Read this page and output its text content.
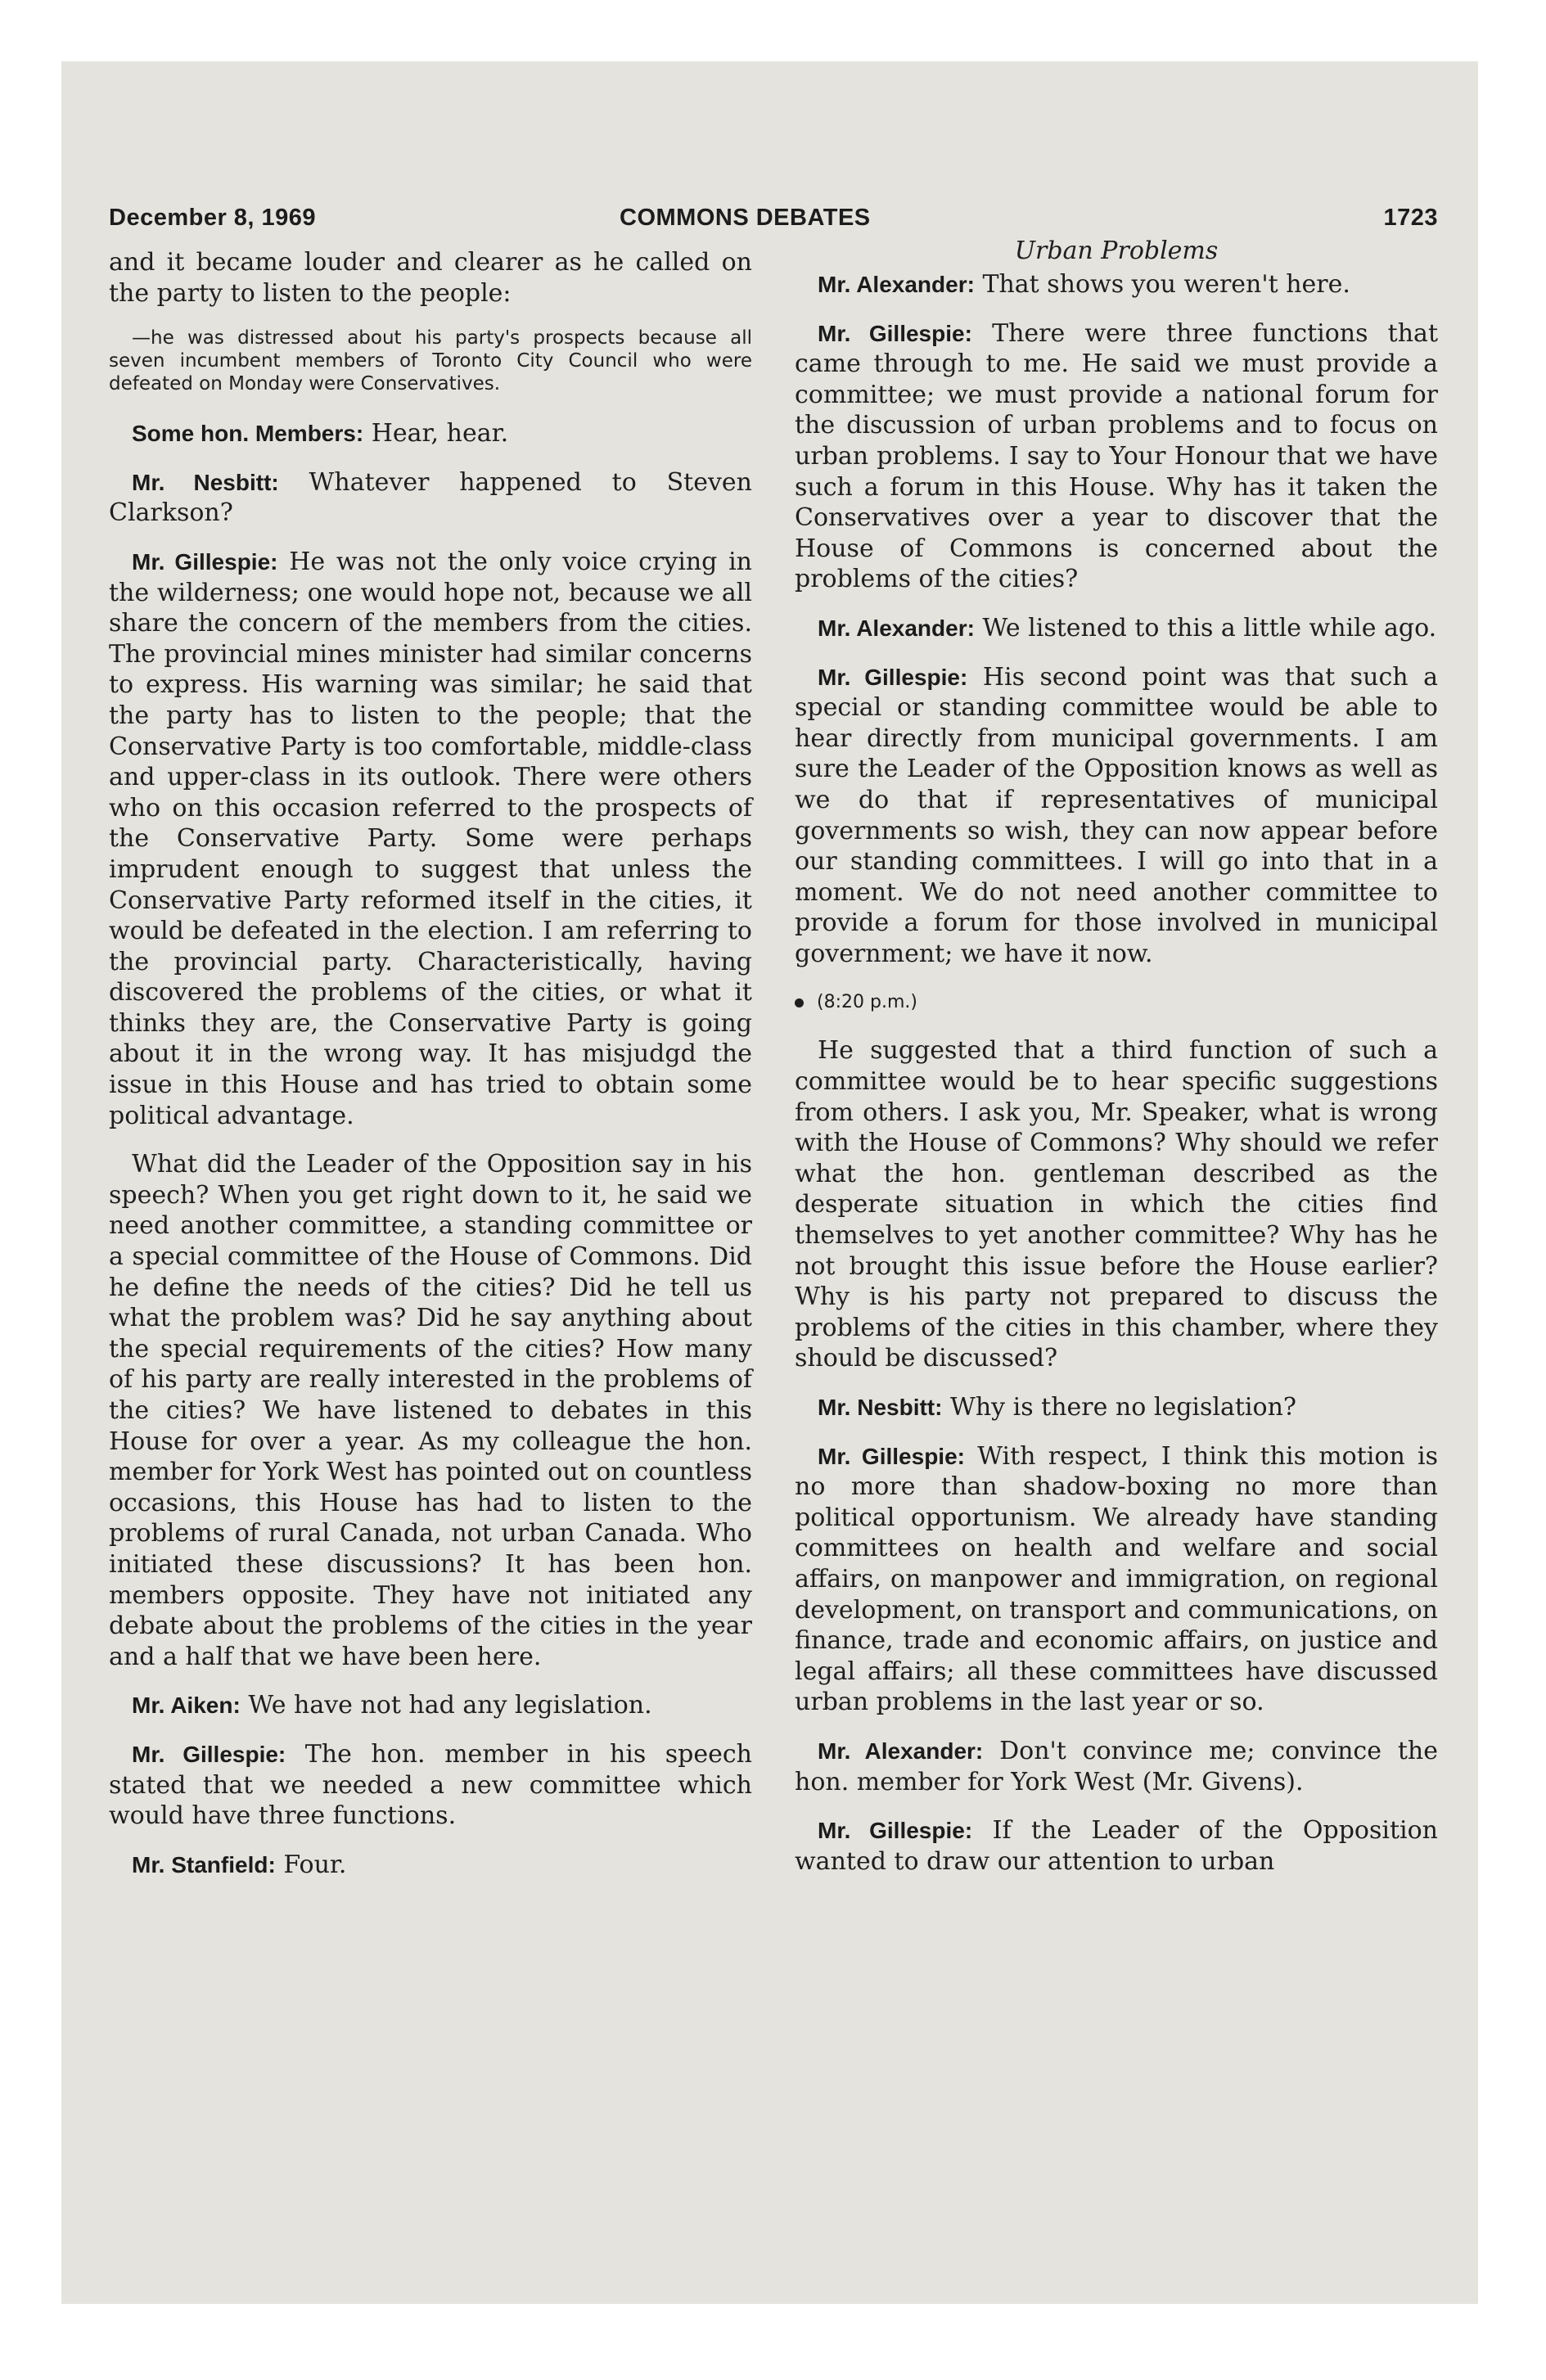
December 8, 1969	COMMONS DEBATES	1723

and it became louder and clearer as he called on the party to listen to the people:

—he was distressed about his party's prospects because all seven incumbent members of Toronto City Council who were defeated on Monday were Conservatives.

Some hon. Members: Hear, hear.

Mr. Nesbitt: Whatever happened to Steven Clarkson?

Mr. Gillespie: He was not the only voice crying in the wilderness; one would hope not, because we all share the concern of the members from the cities. The provincial mines minister had similar concerns to express. His warning was similar; he said that the party has to listen to the people; that the Conservative Party is too comfortable, middle-class and upper-class in its outlook. There were others who on this occasion referred to the prospects of the Conservative Party. Some were perhaps imprudent enough to suggest that unless the Conservative Party reformed itself in the cities, it would be defeated in the election. I am referring to the provincial party. Characteristically, having discovered the problems of the cities, or what it thinks they are, the Conservative Party is going about it in the wrong way. It has misjudgd the issue in this House and has tried to obtain some political advantage.

What did the Leader of the Opposition say in his speech? When you get right down to it, he said we need another committee, a standing committee or a special committee of the House of Commons. Did he define the needs of the cities? Did he tell us what the problem was? Did he say anything about the special requirements of the cities? How many of his party are really interested in the problems of the cities? We have listened to debates in this House for over a year. As my colleague the hon. member for York West has pointed out on countless occasions, this House has had to listen to the problems of rural Canada, not urban Canada. Who initiated these discussions? It has been hon. members opposite. They have not initiated any debate about the problems of the cities in the year and a half that we have been here.

Mr. Aiken: We have not had any legislation.

Mr. Gillespie: The hon. member in his speech stated that we needed a new committee which would have three functions.

Mr. Stanfield: Four.

Urban Problems

Mr. Alexander: That shows you weren't here.

Mr. Gillespie: There were three functions that came through to me. He said we must provide a committee; we must provide a national forum for the discussion of urban problems and to focus on urban problems. I say to Your Honour that we have such a forum in this House. Why has it taken the Conservatives over a year to discover that the House of Commons is concerned about the problems of the cities?

Mr. Alexander: We listened to this a little while ago.

Mr. Gillespie: His second point was that such a special or standing committee would be able to hear directly from municipal governments. I am sure the Leader of the Opposition knows as well as we do that if representatives of municipal governments so wish, they can now appear before our standing committees. I will go into that in a moment. We do not need another committee to provide a forum for those involved in municipal government; we have it now.

(8:20 p.m.)

He suggested that a third function of such a committee would be to hear specific suggestions from others. I ask you, Mr. Speaker, what is wrong with the House of Commons? Why should we refer what the hon. gentleman described as the desperate situation in which the cities find themselves to yet another committee? Why has he not brought this issue before the House earlier? Why is his party not prepared to discuss the problems of the cities in this chamber, where they should be discussed?

Mr. Nesbitt: Why is there no legislation?

Mr. Gillespie: With respect, I think this motion is no more than shadow-boxing no more than political opportunism. We already have standing committees on health and welfare and social affairs, on manpower and immigration, on regional development, on transport and communications, on finance, trade and economic affairs, on justice and legal affairs; all these committees have discussed urban problems in the last year or so.

Mr. Alexander: Don't convince me; convince the hon. member for York West (Mr. Givens).

Mr. Gillespie: If the Leader of the Opposition wanted to draw our attention to urban
